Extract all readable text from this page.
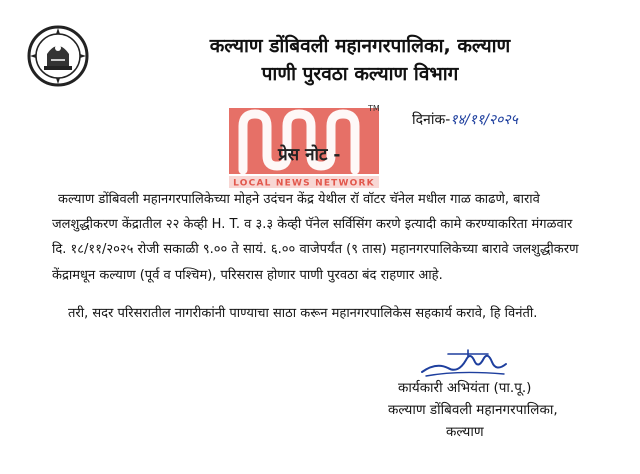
कल्याण डोंबिवली महानगरपालिका, कल्याण
पाणी पुरवठा कल्याण विभाग
दिनांक-१४/११/२०२५
LOCAL NEWS NETWORK
TM
प्रेस नोट -
कल्याण डोंबिवली महानगरपालिकेच्या मोहने उदंचन केंद्र येथील रॉ वॉटर चॅनेल मधील गाळ काढणे, बारावे
जलशुद्धीकरण केंद्रातील २२ केव्ही H. T. व ३.३ केव्ही पॅनेल सर्विसिंग करणे इत्यादी कामे करण्याकरिता मंगळवार
दि. १८/११/२०२५ रोजी सकाळी ९.०० ते सायं. ६.०० वाजेपर्यंत (९ तास) महानगरपालिकेच्या बारावे जलशुद्धीकरण
केंद्रामधून कल्याण (पूर्व व पश्चिम), परिसरास होणार पाणी पुरवठा बंद राहणार आहे.
तरी, सदर परिसरातील नागरीकांनी पाण्याचा साठा करून महानगरपालिकेस सहकार्य करावे, हि विनंती.
कार्यकारी अभियंता (पा.पू.)
कल्याण डोंबिवली महानगरपालिका,
कल्याण
